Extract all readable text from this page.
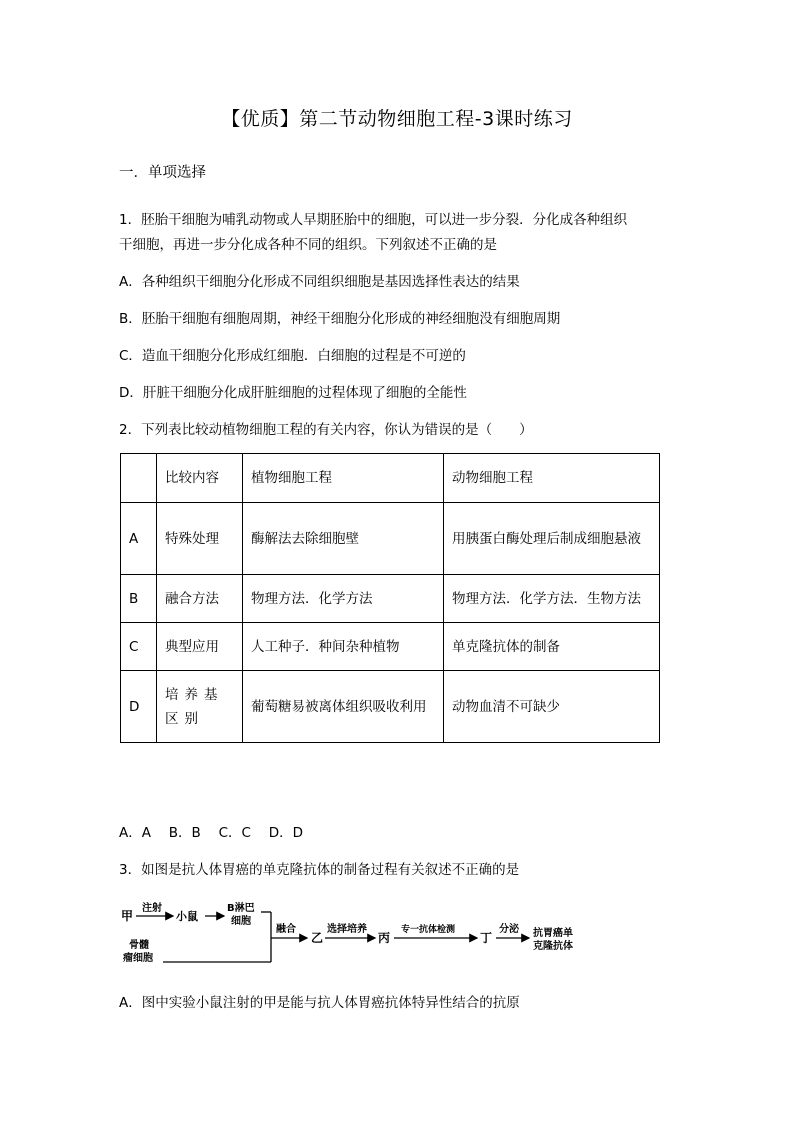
【优质】第二节动物细胞工程-3课时练习
一．单项选择
1．胚胎干细胞为哺乳动物或人早期胚胎中的细胞，可以进一步分裂．分化成各种组织
干细胞，再进一步分化成各种不同的组织。下列叙述不正确的是
A．各种组织干细胞分化形成不同组织细胞是基因选择性表达的结果
B．胚胎干细胞有细胞周期，神经干细胞分化形成的神经细胞没有细胞周期
C．造血干细胞分化形成红细胞．白细胞的过程是不可逆的
D．肝脏干细胞分化成肝脏细胞的过程体现了细胞的全能性
2．下列表比较动植物细胞工程的有关内容，你认为错误的是（　　）
	比较内容	植物细胞工程	动物细胞工程
A	特殊处理	酶解法去除细胞壁	用胰蛋白酶处理后制成细胞悬液
B	融合方法	物理方法．化学方法	物理方法．化学方法．生物方法
C	典型应用	人工种子．种间杂种植物	单克隆抗体的制备
D	培养基区别	葡萄糖易被离体组织吸收利用	动物血清不可缺少
A．A　 B．B　 C．C　 D．D
3．如图是抗人体胃癌的单克隆抗体的制备过程有关叙述不正确的是
甲
注射
小鼠
B淋巴
细胞
骨髓
瘤细胞
融合
乙
选择培养
丙
专一抗体检测
丁
分泌 抗胃癌单
克隆抗体
A．图中实验小鼠注射的甲是能与抗人体胃癌抗体特异性结合的抗原
